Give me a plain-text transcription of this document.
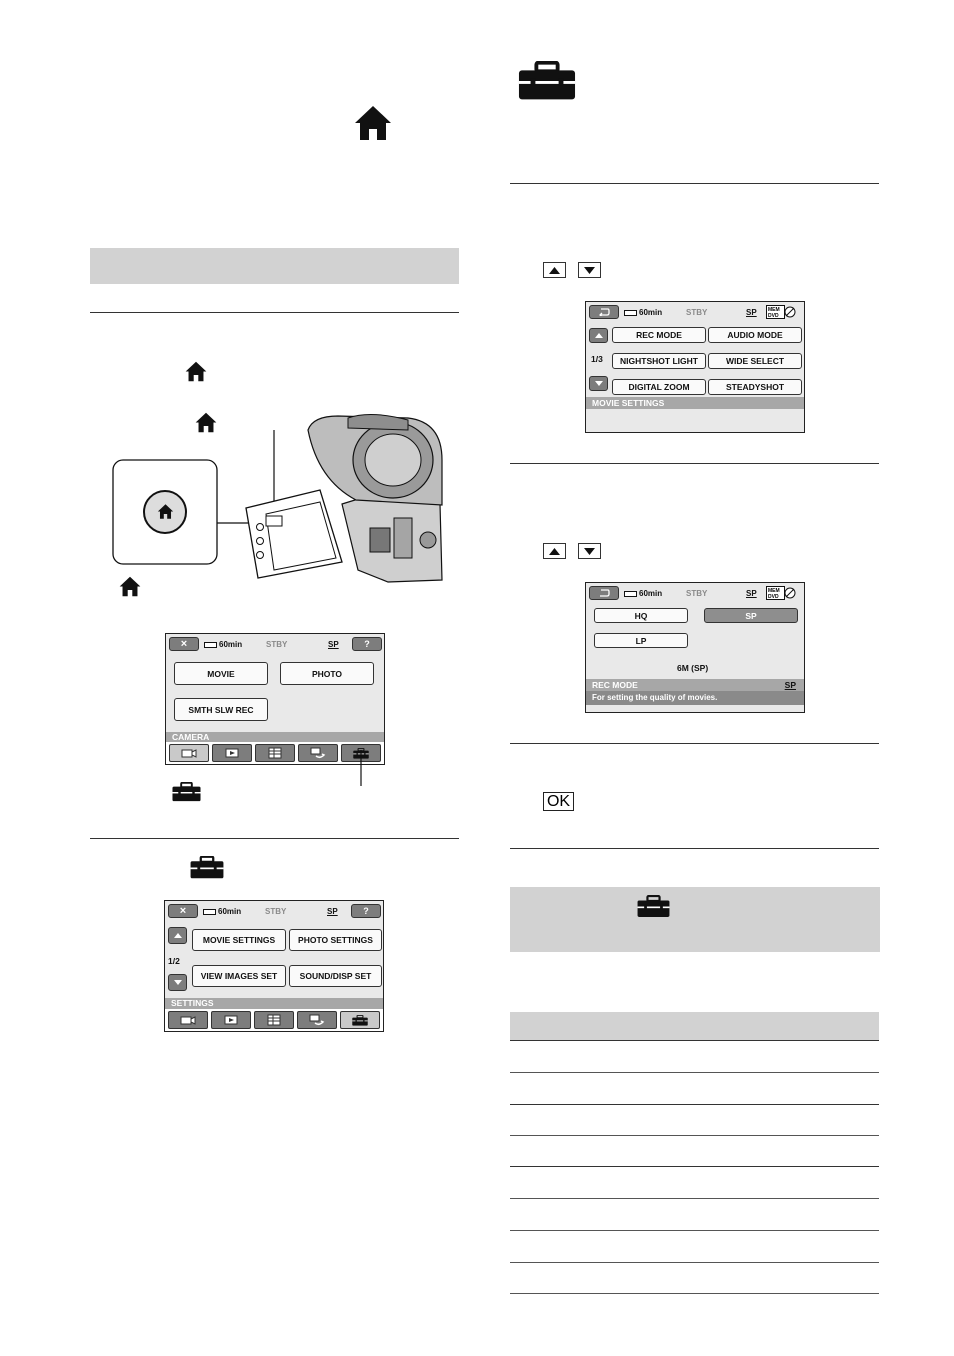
×	60min	STBY	SP	?
MOVIE	PHOTO
SMTH SLW REC
CAMERA
×	60min	STBY	SP	?
1/2
MOVIE SETTINGS	PHOTO SETTINGS
VIEW IMAGES SET	SOUND/DISP SET
SETTINGS
60min	STBY	SP MEM
DVD
1/3
REC MODE	AUDIO MODE
NIGHTSHOT LIGHT	WIDE SELECT
DIGITAL ZOOM	STEADYSHOT
MOVIE SETTINGS
60min	STBY	SP MEM
DVD
HQ	SP
LP
6M (SP)
REC MODE	SP
For setting the quality of movies.
OK
